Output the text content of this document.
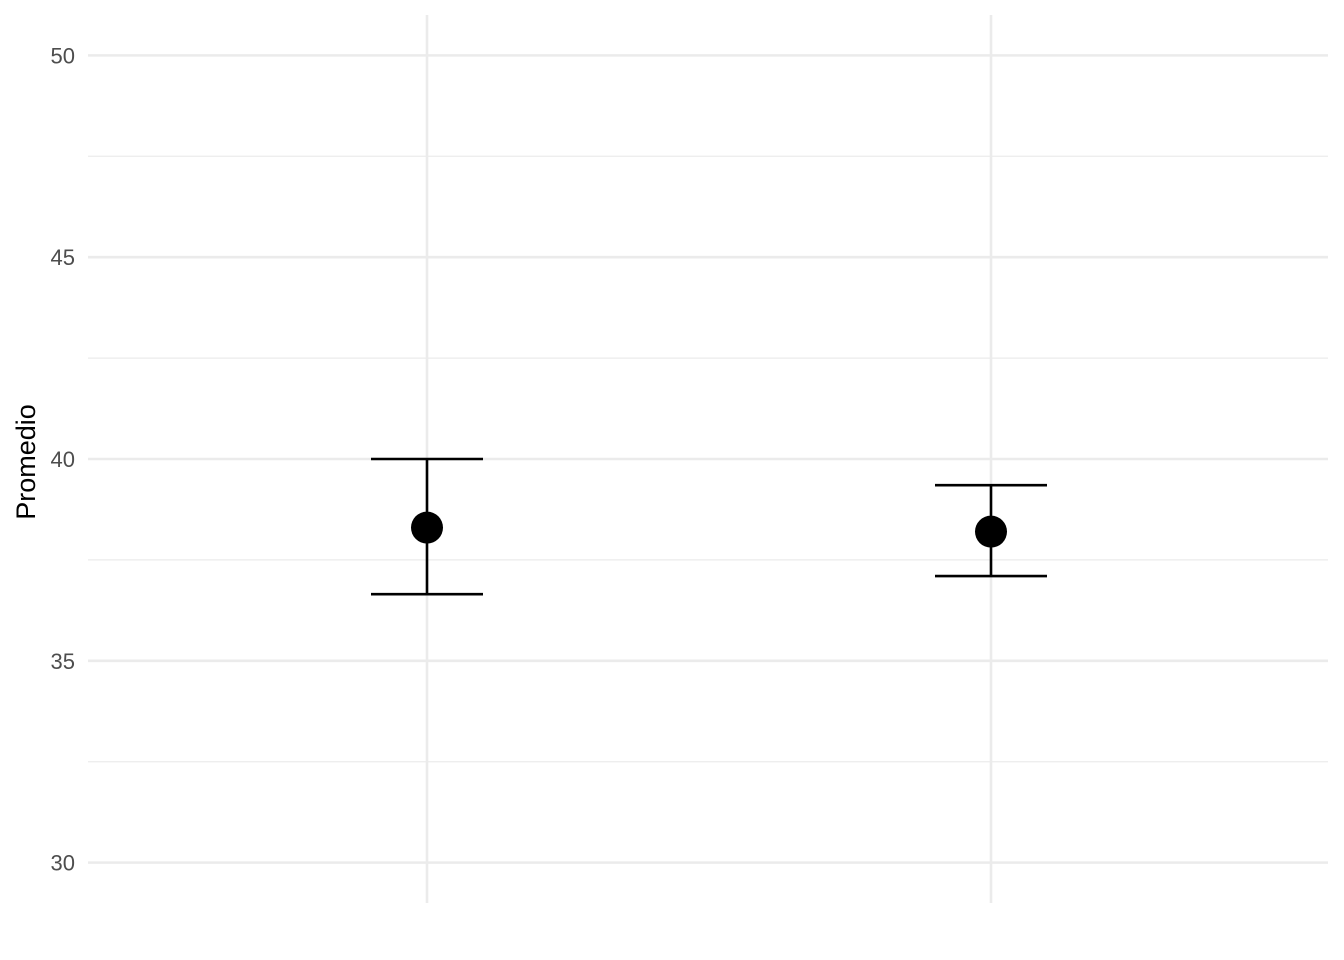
30
35
40
45
50
Promedio
